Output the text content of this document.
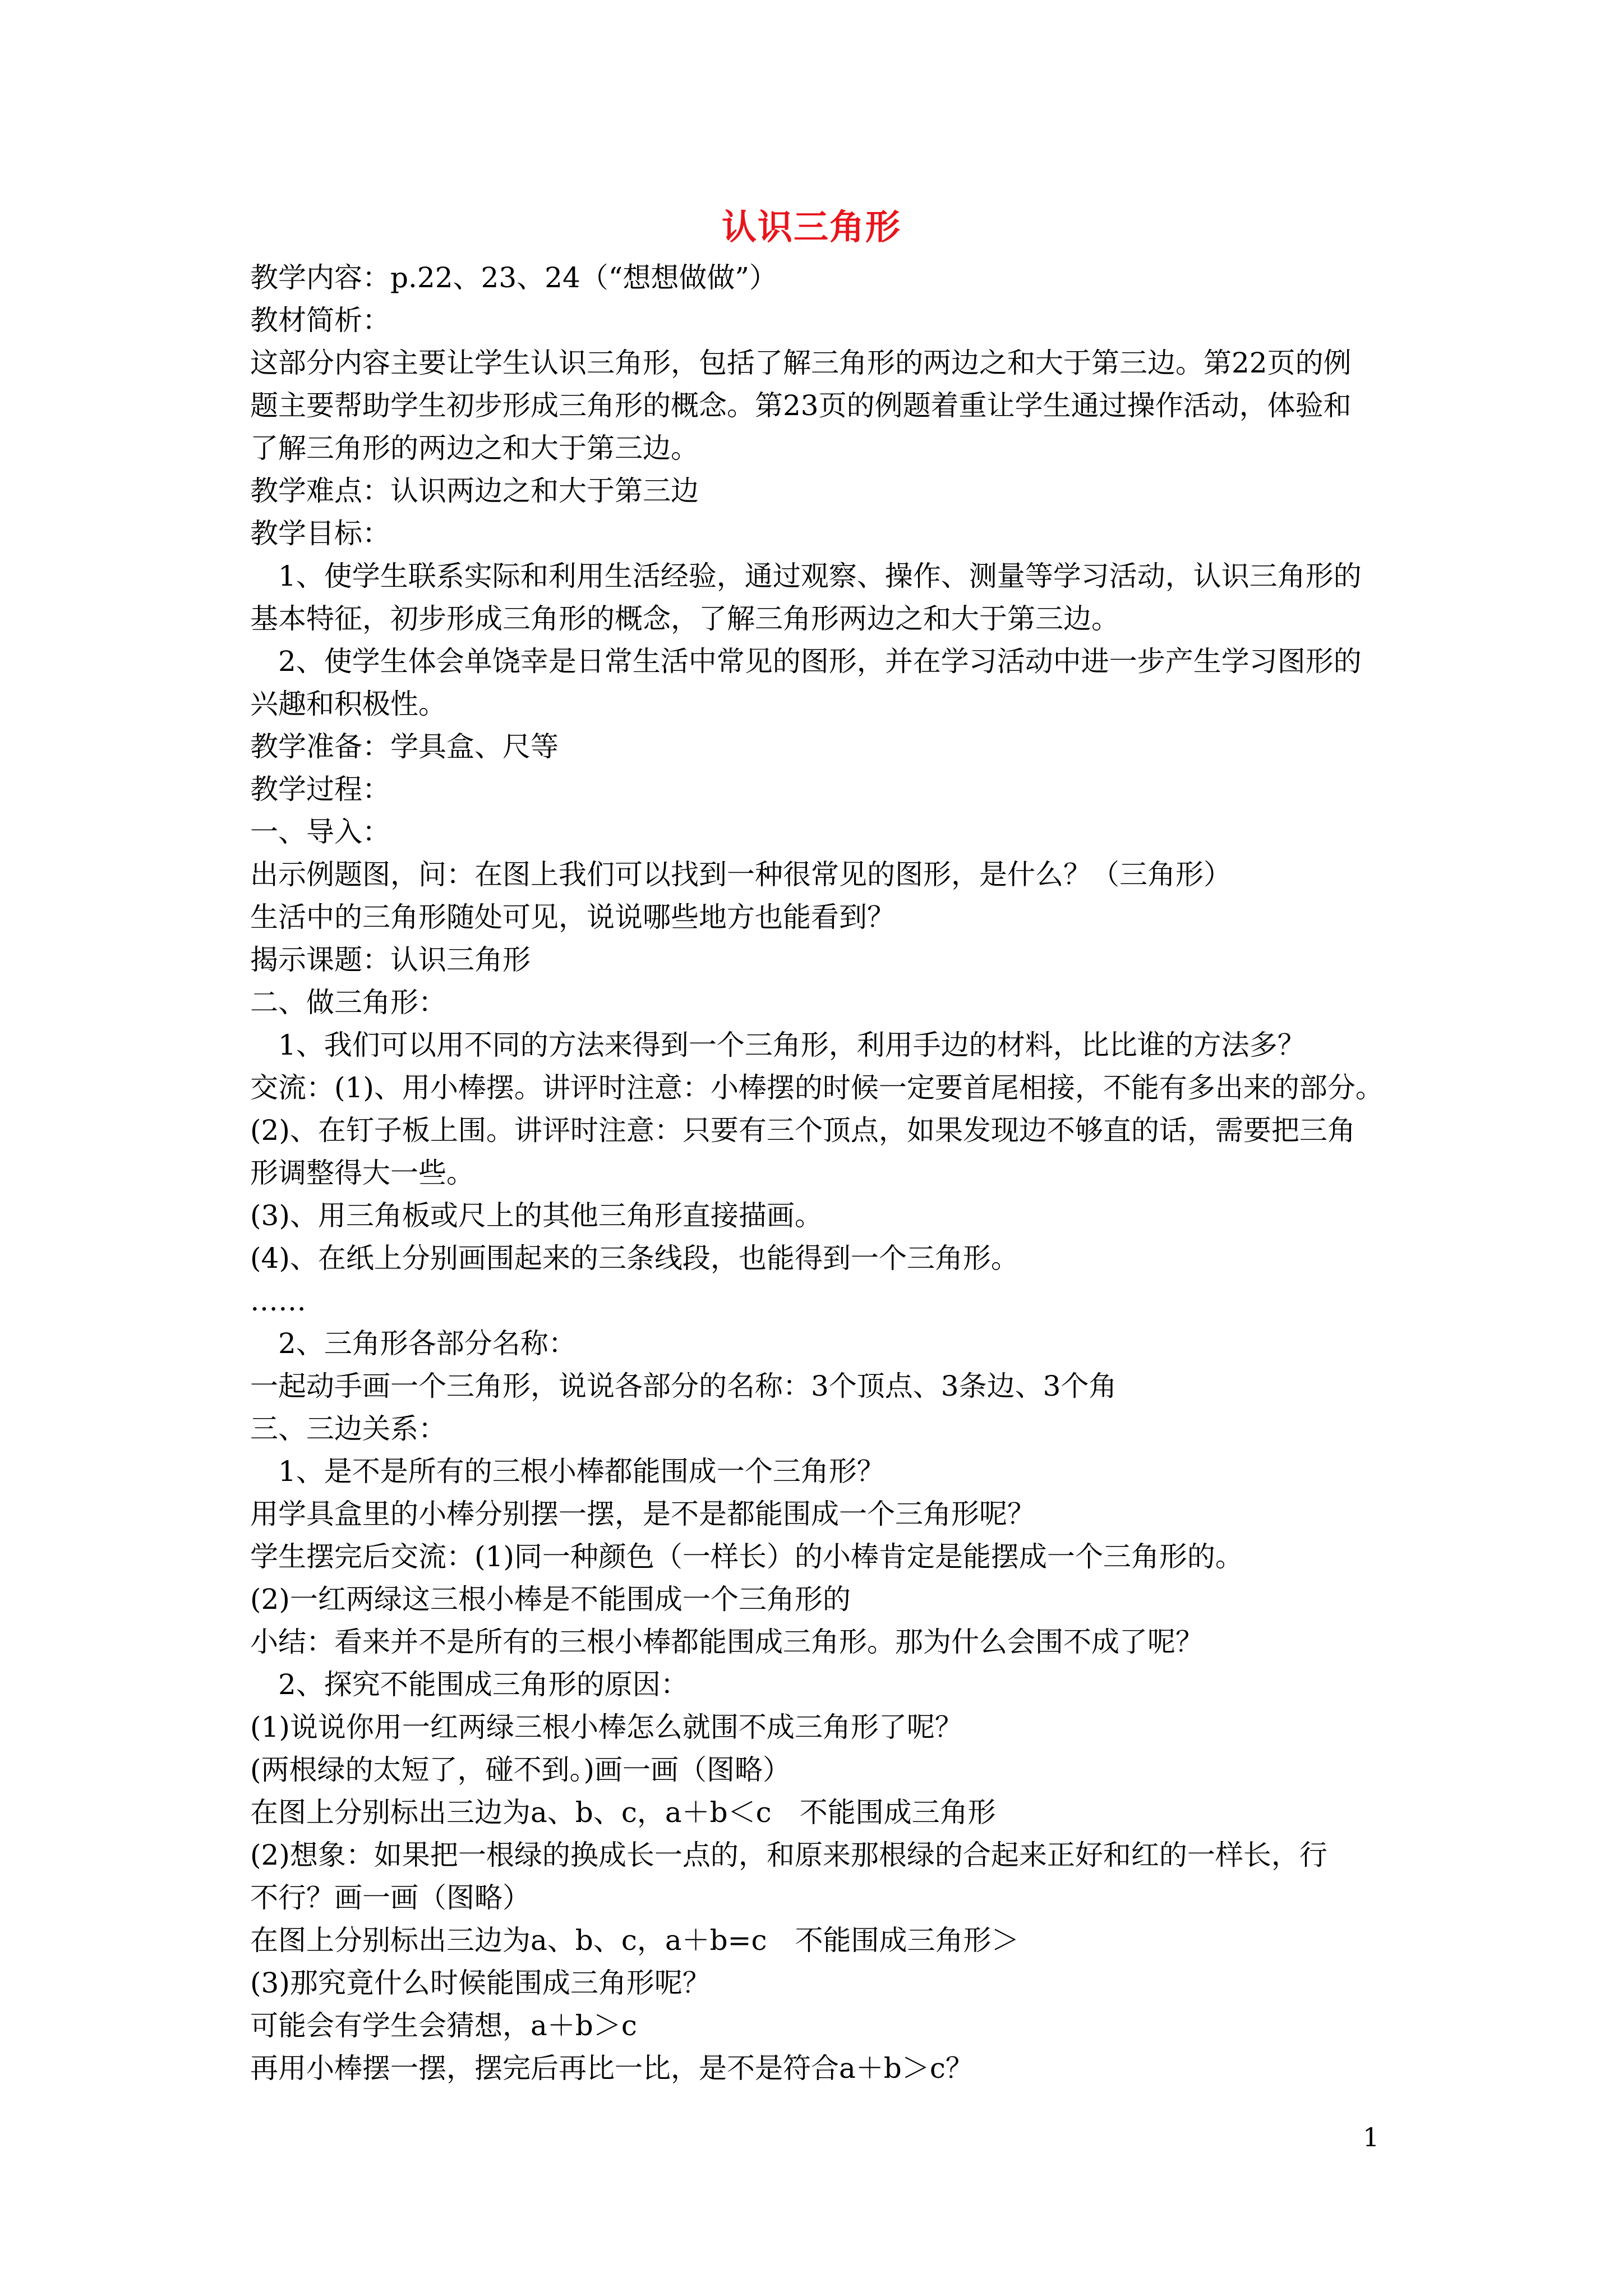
认识三角形
教学内容：p.22、23、24（“想想做做”）
教材简析：
这部分内容主要让学生认识三角形，包括了解三角形的两边之和大于第三边。第22页的例
题主要帮助学生初步形成三角形的概念。第23页的例题着重让学生通过操作活动，体验和
了解三角形的两边之和大于第三边。
教学难点：认识两边之和大于第三边
教学目标：
1、使学生联系实际和利用生活经验，通过观察、操作、测量等学习活动，认识三角形的
基本特征，初步形成三角形的概念，了解三角形两边之和大于第三边。
2、使学生体会单饶幸是日常生活中常见的图形，并在学习活动中进一步产生学习图形的
兴趣和积极性。
教学准备：学具盒、尺等
教学过程：
一、导入：
出示例题图，问：在图上我们可以找到一种很常见的图形，是什么？（三角形）
生活中的三角形随处可见，说说哪些地方也能看到？
揭示课题：认识三角形
二、做三角形：
1、我们可以用不同的方法来得到一个三角形，利用手边的材料，比比谁的方法多？
交流：(1)、用小棒摆。讲评时注意：小棒摆的时候一定要首尾相接，不能有多出来的部分。
(2)、在钉子板上围。讲评时注意：只要有三个顶点，如果发现边不够直的话，需要把三角
形调整得大一些。
(3)、用三角板或尺上的其他三角形直接描画。
(4)、在纸上分别画围起来的三条线段，也能得到一个三角形。
……
2、三角形各部分名称：
一起动手画一个三角形，说说各部分的名称：3个顶点、3条边、3个角
三、三边关系：
1、是不是所有的三根小棒都能围成一个三角形？
用学具盒里的小棒分别摆一摆，是不是都能围成一个三角形呢？
学生摆完后交流：(1)同一种颜色（一样长）的小棒肯定是能摆成一个三角形的。
(2)一红两绿这三根小棒是不能围成一个三角形的
小结：看来并不是所有的三根小棒都能围成三角形。那为什么会围不成了呢？
2、探究不能围成三角形的原因：
(1)说说你用一红两绿三根小棒怎么就围不成三角形了呢？
(两根绿的太短了，碰不到。)画一画（图略）
在图上分别标出三边为a、b、c，a＋b＜c　不能围成三角形
(2)想象：如果把一根绿的换成长一点的，和原来那根绿的合起来正好和红的一样长，行
不行？画一画（图略）
在图上分别标出三边为a、b、c，a＋b=c　不能围成三角形＞
(3)那究竟什么时候能围成三角形呢？
可能会有学生会猜想，a＋b＞c
再用小棒摆一摆，摆完后再比一比，是不是符合a＋b＞c？
1
